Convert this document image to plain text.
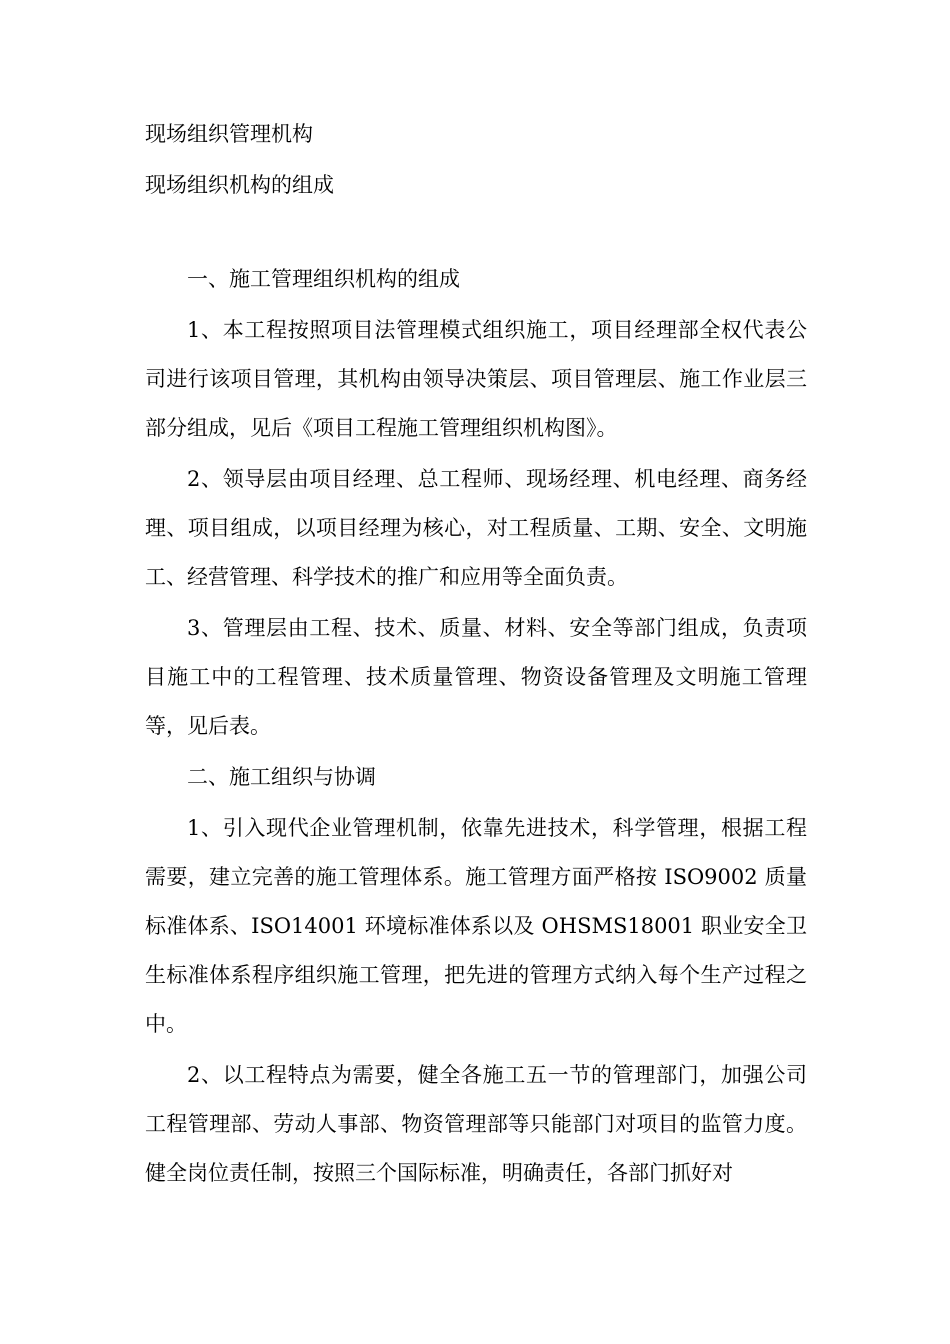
现场组织管理机构

现场组织机构的组成

一、施工管理组织机构的组成

1、本工程按照项目法管理模式组织施工，项目经理部全权代表公司进行该项目管理，其机构由领导决策层、项目管理层、施工作业层三部分组成，见后《项目工程施工管理组织机构图》。

2、领导层由项目经理、总工程师、现场经理、机电经理、商务经理、项目组成，以项目经理为核心，对工程质量、工期、安全、文明施工、经营管理、科学技术的推广和应用等全面负责。

3、管理层由工程、技术、质量、材料、安全等部门组成，负责项目施工中的工程管理、技术质量管理、物资设备管理及文明施工管理等，见后表。

二、施工组织与协调

1、引入现代企业管理机制，依靠先进技术，科学管理，根据工程需要，建立完善的施工管理体系。施工管理方面严格按 ISO9002 质量标准体系、ISO14001 环境标准体系以及 OHSMS18001 职业安全卫生标准体系程序组织施工管理，把先进的管理方式纳入每个生产过程之中。

2、以工程特点为需要，健全各施工五一节的管理部门，加强公司工程管理部、劳动人事部、物资管理部等只能部门对项目的监管力度。健全岗位责任制，按照三个国际标准，明确责任，各部门抓好对
